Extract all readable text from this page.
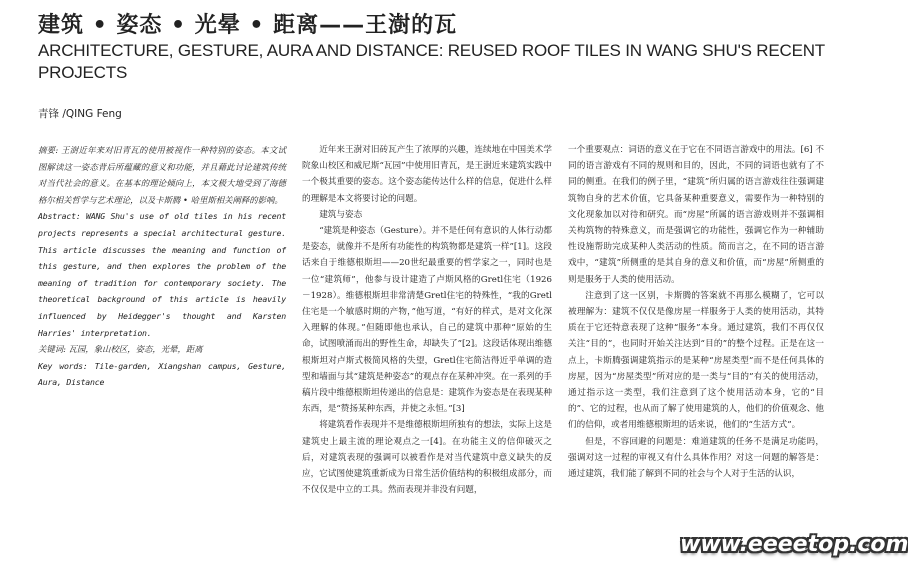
建筑 • 姿态 • 光晕 • 距离——王澍的瓦
ARCHITECTURE, GESTURE, AURA AND DISTANCE: REUSED ROOF TILES IN WANG SHU'S RECENT PROJECTS
青锋 /QING Feng

摘要: 王澍近年来对旧青瓦的使用被视作一种特别的姿态。本文试图解读这一姿态背后所蕴藏的意义和功能，并且藉此讨论建筑传统对当代社会的意义。在基本的理论倾向上，本文极大地受到了海德格尔相关哲学与艺术理论，以及卡斯腾 • 哈里斯相关阐释的影响。

Abstract: WANG Shu's use of old tiles in his recent projects represents a special architectural gesture. This article discusses the meaning and function of this gesture, and then explores the problem of the meaning of tradition for contemporary society. The theoretical background of this article is heavily influenced by Heidegger's thought and Karsten Harries' interpretation.

关键词: 瓦园，象山校区，姿态，光晕，距离

Key words: Tile-garden, Xiangshan campus, Gesture, Aura, Distance

近年来王澍对旧砖瓦产生了浓厚的兴趣，连续地在中国美术学院象山校区和威尼斯“瓦园”中使用旧青瓦，是王澍近来建筑实践中一个极其重要的姿态。这个姿态能传达什么样的信息，促进什么样的理解是本文将要讨论的问题。

建筑与姿态

“建筑是种姿态（Gesture）。并不是任何有意识的人体行动都是姿态，就像并不是所有功能性的构筑物都是建筑一样”[1]。这段话来自于维德根斯坦——20世纪最重要的哲学家之一，同时也是一位“建筑师”，他参与设计建造了卢斯风格的Gretl住宅（1926－1928）。维德根斯坦非常清楚Gretl住宅的特殊性，“我的Gretl住宅是一个敏感时期的产物，”他写道，“有好的样式，是对文化深入理解的体现。”但随即他也承认，自己的建筑中那种“原始的生命，试图喷涌而出的野性生命，却缺失了”[2]。这段话体现出维德根斯坦对卢斯式极简风格的失望，Gretl住宅简洁得近乎单调的造型和墙面与其“建筑是种姿态”的观点存在某种冲突。在一系列的手稿片段中维德根斯坦传递出的信息是：建筑作为姿态是在表现某种东西，是“赞扬某种东西，并使之永恒。”[3]

将建筑看作表现并不是维德根斯坦所独有的想法，实际上这是建筑史上最主流的理论观点之一[4]。在功能主义的信仰破灭之后，对建筑表现的强调可以被看作是对当代建筑中意义缺失的反应，它试图使建筑重新成为日常生活价值结构的积极组成部分，而不仅仅是中立的工具。然而表现并非没有问题，

一个重要观点：词语的意义在于它在不同语言游戏中的用法。[6] 不同的语言游戏有不同的规则和目的，因此，不同的词语也就有了不同的侧重。在我们的例子里，“建筑”所归属的语言游戏往往强调建筑物自身的艺术价值，它具备某种重要意义，需要作为一种特别的文化现象加以对待和研究。而“房屋”所属的语言游戏则并不强调相关构筑物的特殊意义，而是强调它的功能性，强调它作为一种辅助性设施帮助完成某种人类活动的性质。简而言之，在不同的语言游戏中，“建筑”所侧重的是其自身的意义和价值，而“房屋”所侧重的则是服务于人类的使用活动。

注意到了这一区别，卡斯腾的答案就不再那么模糊了，它可以被理解为：建筑不仅仅是像房屋一样服务于人类的使用活动，其特质在于它还特意表现了这种“服务”本身。通过建筑，我们不再仅仅关注“目的”，也同时开始关注达到“目的”的整个过程。正是在这一点上，卡斯腾强调建筑指示的是某种“房屋类型”而不是任何具体的房屋，因为“房屋类型”所对应的是一类与“目的”有关的使用活动，通过指示这一类型，我们注意到了这个使用活动本身，它的“目的”、它的过程，也从而了解了使用建筑的人，他们的价值观念、他们的信仰，或者用维德根斯坦的话来说，他们的“生活方式”。

但是，不容回避的问题是：难道建筑的任务不是满足功能吗，强调对这一过程的审视又有什么具体作用？对这一问题的解答是：通过建筑，我们能了解到不同的社会与个人对于生活的认识，

www.eeeetop.com
